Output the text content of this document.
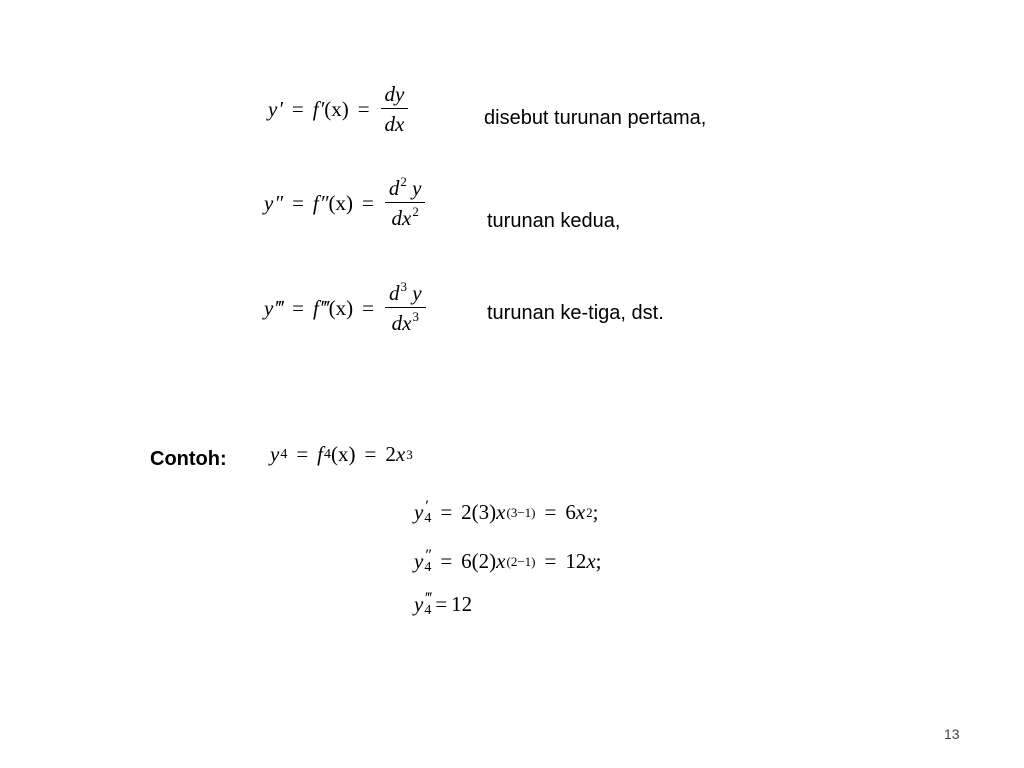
y ′ = f ′ $(x) = \frac{dy}{dx}$	disebut turunan pertama,
y ″ = f ″ $(x) = \frac{d^2 y}{dx^2}$	turunan kedua,
y ‴ = f ‴ $(x) = \frac{d^3 y}{dx^3}$	turunan ke-tiga, dst.
Contoh: y 4 = f 4 (x) = 2 x 3
y ′
4 = 2(3) x (3−1) = 6 x 2 ;
y ″
4 = 6(2) x (2−1) = 12 x ;
y ‴
4 = 12
13
